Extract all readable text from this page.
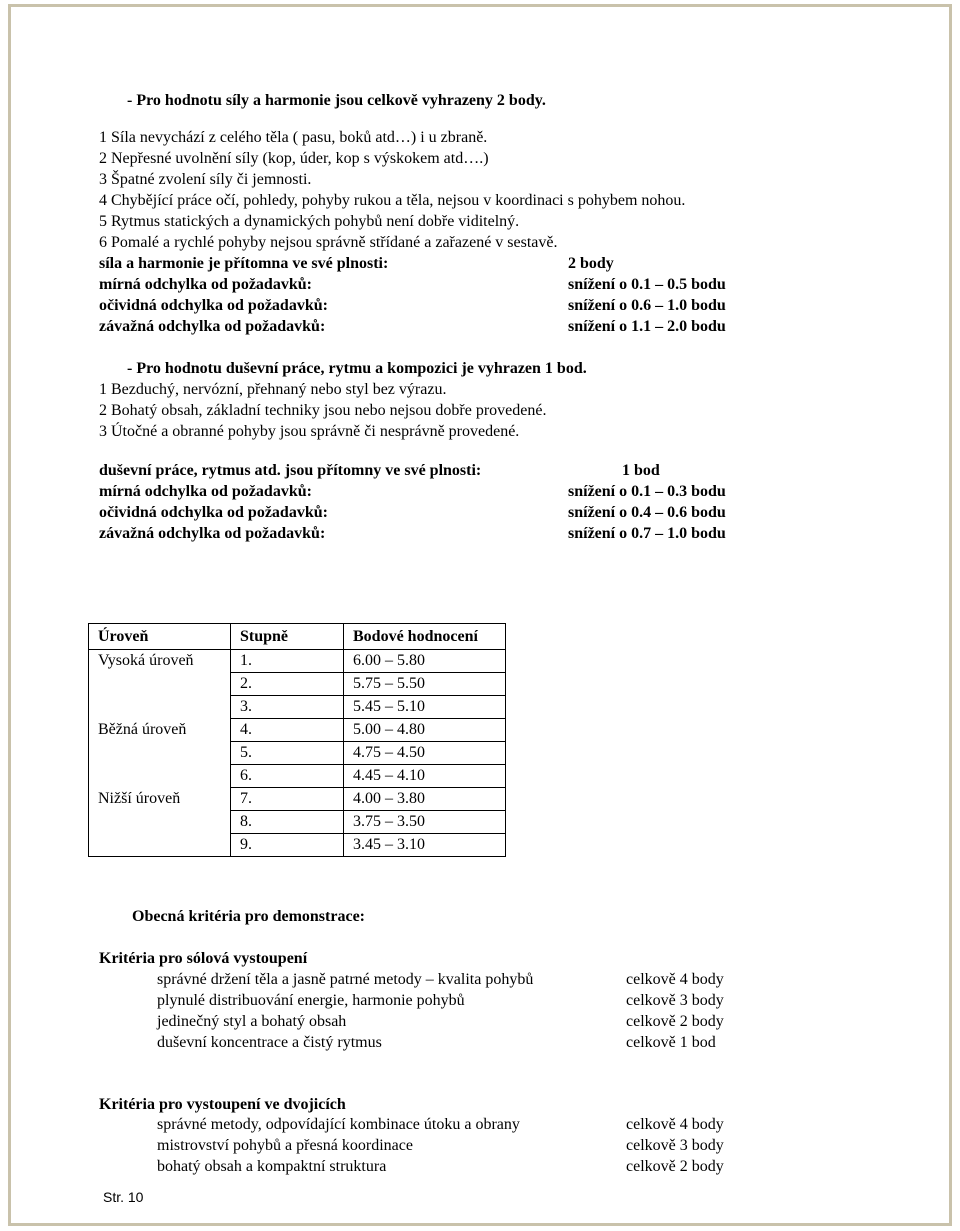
- Pro hodnotu síly a harmonie jsou celkově vyhrazeny 2 body.
1 Síla nevychází z celého těla ( pasu, boků atd…) i u zbraně.
2 Nepřesné uvolnění síly (kop, úder, kop s výskokem atd….)
3 Špatné zvolení síly či jemnosti.
4 Chybějící práce očí, pohledy, pohyby rukou a těla, nejsou v koordinaci s pohybem nohou.
5 Rytmus statických a dynamických pohybů není dobře viditelný.
6 Pomalé a rychlé pohyby nejsou správně střídané a zařazené v sestavě.
síla a harmonie je přítomna ve své plnosti:	2 body
mírná odchylka od požadavků:	snížení o 0.1 – 0.5 bodu
očividná odchylka od požadavků:	snížení o 0.6 – 1.0 bodu
závažná odchylka od požadavků:	snížení o 1.1 – 2.0 bodu
- Pro hodnotu duševní práce, rytmu a kompozici je vyhrazen 1 bod.
1 Bezduchý, nervózní, přehnaný nebo styl bez výrazu.
2 Bohatý obsah, základní techniky jsou nebo nejsou dobře provedené.
3 Útočné a obranné pohyby jsou správně či nesprávně provedené.
duševní práce, rytmus atd. jsou přítomny ve své plnosti:	1 bod
mírná odchylka od požadavků:	snížení o 0.1 – 0.3 bodu
očividná odchylka od požadavků:	snížení o 0.4 – 0.6 bodu
závažná odchylka od požadavků:	snížení o 0.7 – 1.0 bodu
Úroveň	Stupně	Bodové hodnocení
Vysoká úroveň	1.	6.00 – 5.80
	2.	5.75 – 5.50
	3.	5.45 – 5.10
Běžná úroveň	4.	5.00 – 4.80
	5.	4.75 – 4.50
	6.	4.45 – 4.10
Nižší úroveň	7.	4.00 – 3.80
	8.	3.75 – 3.50
	9.	3.45 – 3.10
Obecná kritéria pro demonstrace:
Kritéria pro sólová vystoupení
správné držení těla a jasně patrné metody – kvalita pohybů	celkově 4 body
plynulé distribuování energie, harmonie pohybů	celkově 3 body
jedinečný styl a bohatý obsah	celkově 2 body
duševní koncentrace a čistý rytmus	celkově 1 bod
Kritéria pro vystoupení ve dvojicích
správné metody, odpovídající kombinace útoku a obrany	celkově 4 body
mistrovství pohybů a přesná koordinace	celkově 3 body
bohatý obsah a kompaktní struktura	celkově 2 body
Str. 10
